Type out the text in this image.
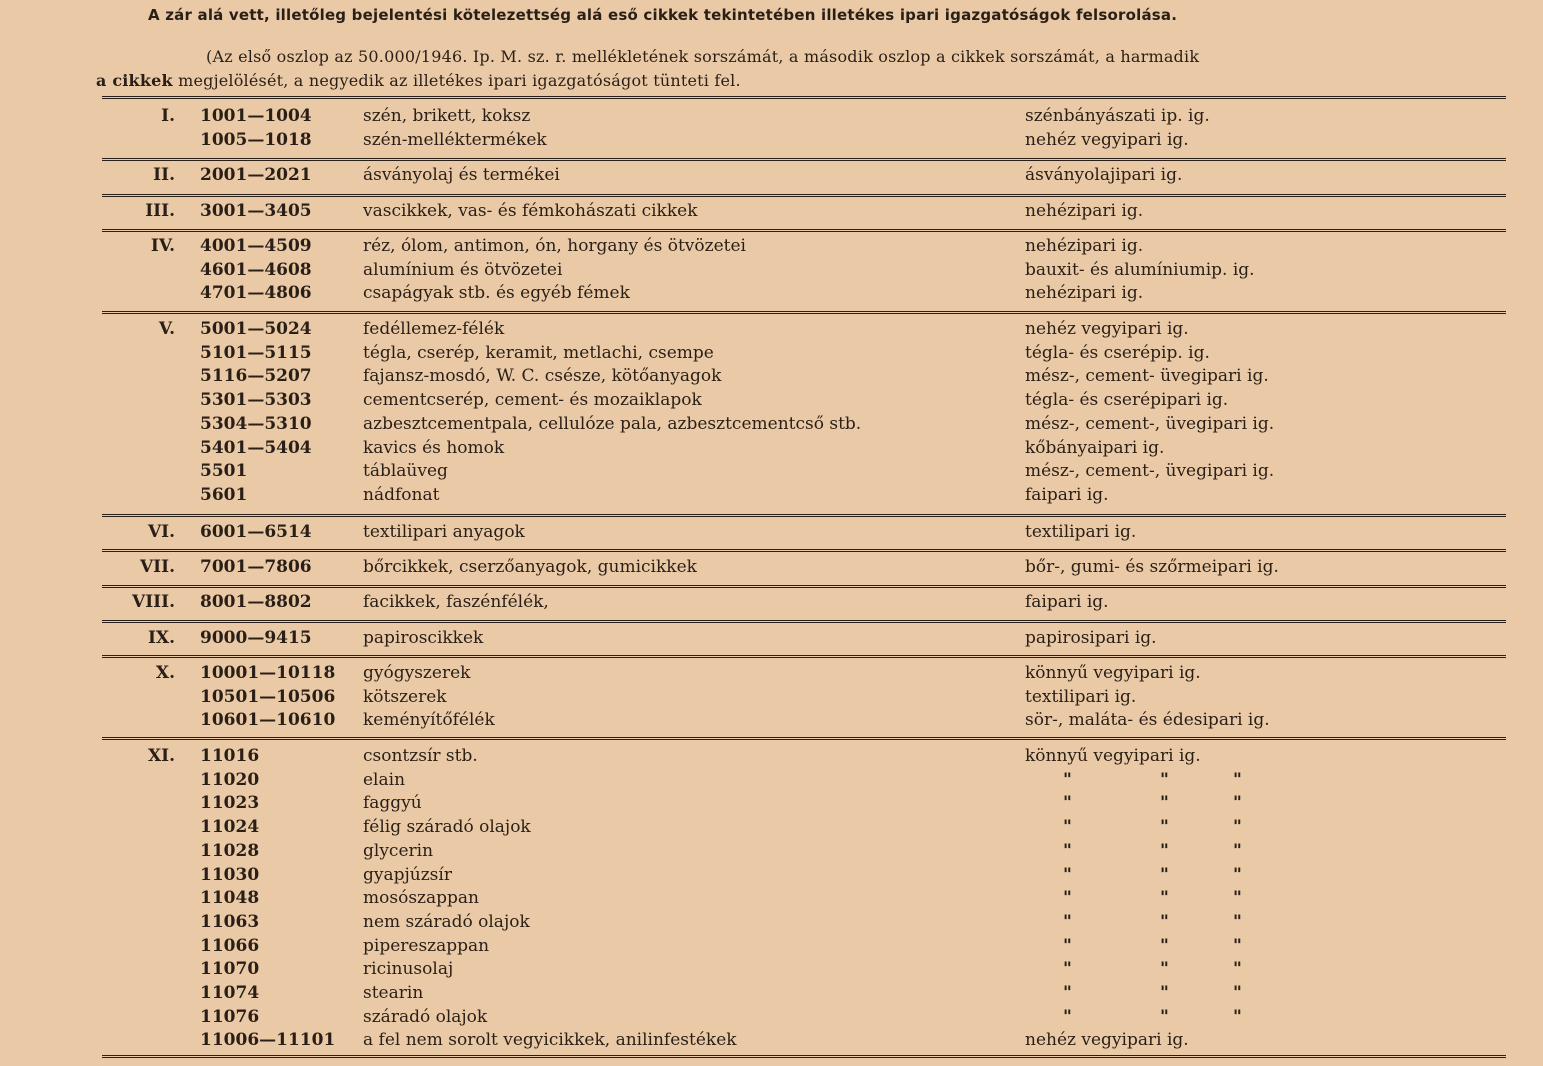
A zár alá vett, illetőleg bejelentési kötelezettség alá eső cikkek tekintetében illetékes ipari igazgatóságok felsorolása.
(Az első oszlop az 50.000/1946. Ip. M. sz. r. mellékletének sorszámát, a második oszlop a cikkek sorszámát, a harmadik
a cikkek megjelölését, a negyedik az illetékes ipari igazgatóságot tünteti fel.
I. 1001—1004	szén, brikett, koksz	szénbányászati ip. ig.
1005—1018	szén-melléktermékek	nehéz vegyipari ig.
II. 2001—2021	ásványolaj és termékei	ásványolajipari ig.
III. 3001—3405	vascikkek, vas- és fémkohászati cikkek	nehézipari ig.
IV. 4001—4509	réz, ólom, antimon, ón, horgany és ötvözetei	nehézipari ig.
4601—4608	alumínium és ötvözetei	bauxit- és alumíniumip. ig.
4701—4806	csapágyak stb. és egyéb fémek	nehézipari ig.
V. 5001—5024	fedéllemez-félék	nehéz vegyipari ig.
5101—5115	tégla, cserép, keramit, metlachi, csempe	tégla- és cserépip. ig.
5116—5207	fajansz-mosdó, W. C. csésze, kötőanyagok	mész-, cement- üvegipari ig.
5301—5303	cementcserép, cement- és mozaiklapok	tégla- és cserépipari ig.
5304—5310	azbesztcementpala, cellulóze pala, azbesztcementcső stb.	mész-, cement-, üvegipari ig.
5401—5404	kavics és homok	kőbányaipari ig.
5501	táblaüveg	mész-, cement-, üvegipari ig.
5601	nádfonat	faipari ig.
VI. 6001—6514	textilipari anyagok	textilipari ig.
VII. 7001—7806	bőrcikkek, cserzőanyagok, gumicikkek	bőr-, gumi- és szőrmeipari ig.
VIII. 8001—8802	facikkek, faszénfélék,	faipari ig.
IX. 9000—9415	papiroscikkek	papirosipari ig.
X. 10001—10118	gyógyszerek	könnyű vegyipari ig.
10501—10506	kötszerek	textilipari ig.
10601—10610	keményítőfélék	sör-, maláta- és édesipari ig.
XI. 11016	csontzsír stb.	könnyű vegyipari ig.
11020	elain	"	"	"
11023	faggyú	"	"	"
11024	félig száradó olajok	"	"	"
11028	glycerin	"	"	"
11030	gyapjúzsír	"	"	"
11048	mosószappan	"	"	"
11063	nem száradó olajok	"	"	"
11066	pipereszappan	"	"	"
11070	ricinusolaj	"	"	"
11074	stearin	"	"	"
11076	száradó olajok	"	"	"
11006—11101	a fel nem sorolt vegyicikkek, anilinfestékek	nehéz vegyipari ig.
